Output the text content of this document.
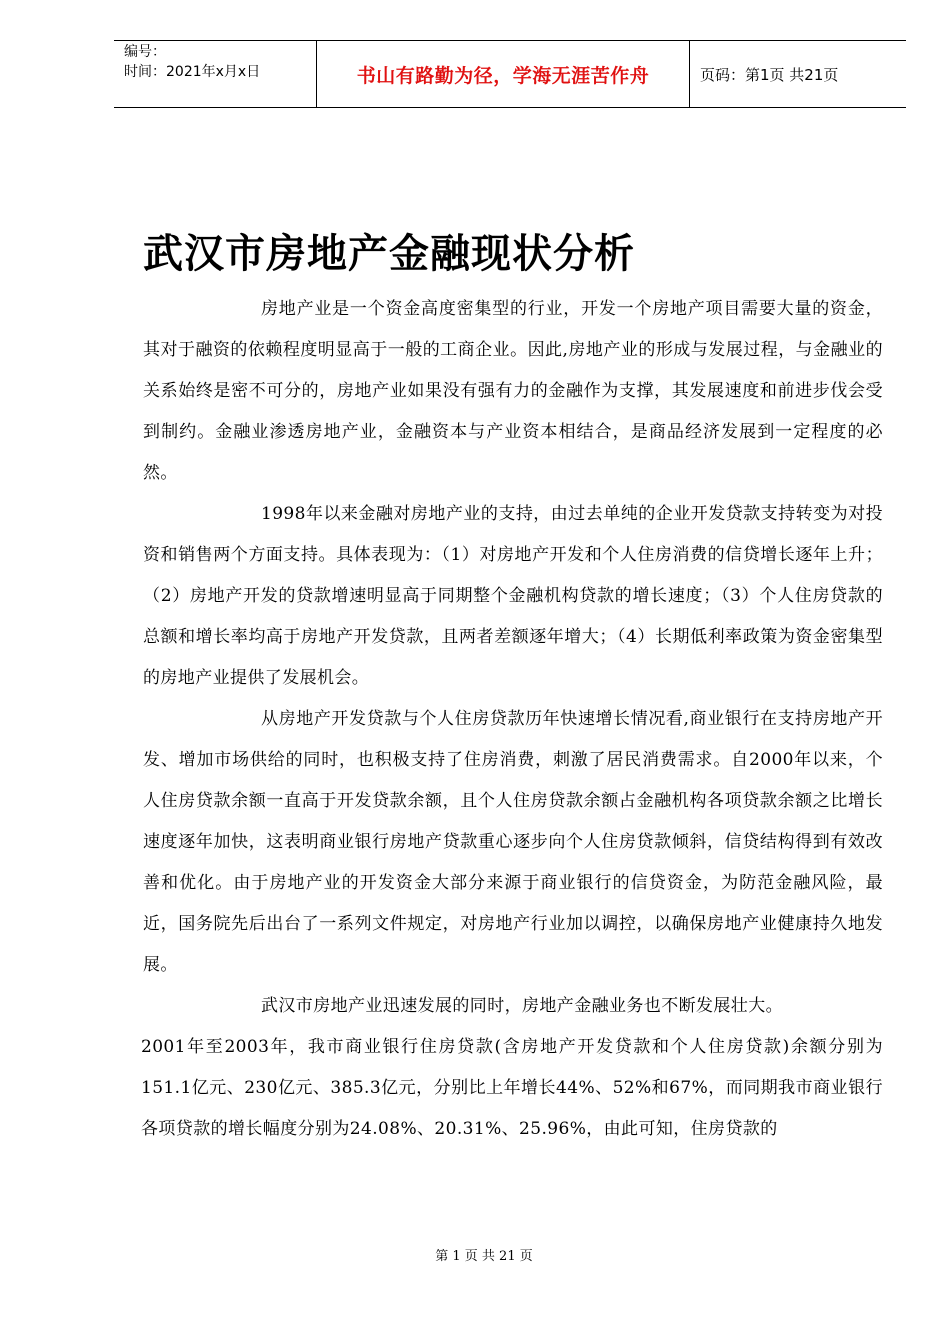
编号：
时间：2021年x月x日	书山有路勤为径，学海无涯苦作舟	页码：第1页 共21页
武汉市房地产金融现状分析

房地产业是一个资金高度密集型的行业，开发一个房地产项目需要大量的资金，其对于融资的依赖程度明显高于一般的工商企业。因此,房地产业的形成与发展过程，与金融业的关系始终是密不可分的，房地产业如果没有强有力的金融作为支撑，其发展速度和前进步伐会受到制约。金融业渗透房地产业，金融资本与产业资本相结合，是商品经济发展到一定程度的必然。

1998年以来金融对房地产业的支持，由过去单纯的企业开发贷款支持转变为对投资和销售两个方面支持。具体表现为：（1）对房地产开发和个人住房消费的信贷增长逐年上升；（2）房地产开发的贷款增速明显高于同期整个金融机构贷款的增长速度；（3）个人住房贷款的总额和增长率均高于房地产开发贷款，且两者差额逐年增大；（4）长期低利率政策为资金密集型的房地产业提供了发展机会。

从房地产开发贷款与个人住房贷款历年快速增长情况看,商业银行在支持房地产开发、增加市场供给的同时，也积极支持了住房消费，刺激了居民消费需求。自2000年以来，个人住房贷款余额一直高于开发贷款余额，且个人住房贷款余额占金融机构各项贷款余额之比增长速度逐年加快，这表明商业银行房地产贷款重心逐步向个人住房贷款倾斜，信贷结构得到有效改善和优化。由于房地产业的开发资金大部分来源于商业银行的信贷资金，为防范金融风险，最近，国务院先后出台了一系列文件规定，对房地产行业加以调控，以确保房地产业健康持久地发展。

武汉市房地产业迅速发展的同时，房地产金融业务也不断发展壮大。
2001年至2003年，我市商业银行住房贷款(含房地产开发贷款和个人住房贷款)余额分别为151.1亿元、230亿元、385.3亿元，分别比上年增长44%、52%和67%，而同期我市商业银行各项贷款的增长幅度分别为24.08%、20.31%、25.96%，由此可知，住房贷款的

第 1 页 共 21 页
